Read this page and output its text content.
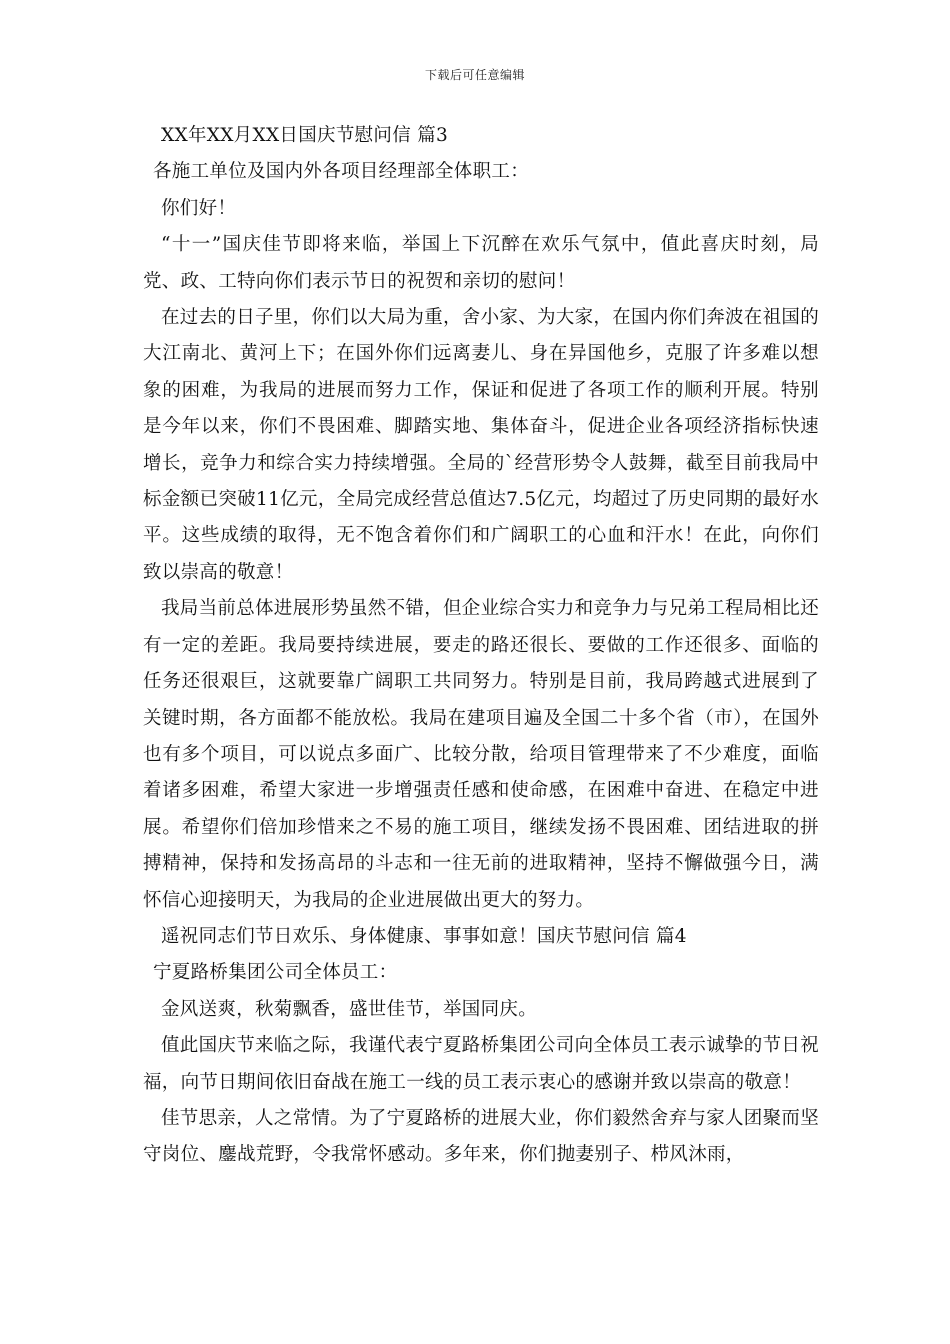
下载后可任意编辑

XX年XX月XX日国庆节慰问信 篇3

各施工单位及国内外各项目经理部全体职工：

你们好！

“十一”国庆佳节即将来临，举国上下沉醉在欢乐气氛中，值此喜庆时刻，局党、政、工特向你们表示节日的祝贺和亲切的慰问！

在过去的日子里，你们以大局为重，舍小家、为大家，在国内你们奔波在祖国的大江南北、黄河上下；在国外你们远离妻儿、身在异国他乡，克服了许多难以想象的困难，为我局的进展而努力工作，保证和促进了各项工作的顺利开展。特别是今年以来，你们不畏困难、脚踏实地、集体奋斗，促进企业各项经济指标快速增长，竞争力和综合实力持续增强。全局的`经营形势令人鼓舞，截至目前我局中标金额已突破11亿元，全局完成经营总值达7.5亿元，均超过了历史同期的最好水平。这些成绩的取得，无不饱含着你们和广阔职工的心血和汗水！在此，向你们致以崇高的敬意！

我局当前总体进展形势虽然不错，但企业综合实力和竞争力与兄弟工程局相比还有一定的差距。我局要持续进展，要走的路还很长、要做的工作还很多、面临的任务还很艰巨，这就要靠广阔职工共同努力。特别是目前，我局跨越式进展到了关键时期，各方面都不能放松。我局在建项目遍及全国二十多个省（市），在国外也有多个项目，可以说点多面广、比较分散，给项目管理带来了不少难度，面临着诸多困难，希望大家进一步增强责任感和使命感，在困难中奋进、在稳定中进展。希望你们倍加珍惜来之不易的施工项目，继续发扬不畏困难、团结进取的拼搏精神，保持和发扬高昂的斗志和一往无前的进取精神，坚持不懈做强今日，满怀信心迎接明天，为我局的企业进展做出更大的努力。

遥祝同志们节日欢乐、身体健康、事事如意！国庆节慰问信 篇4

宁夏路桥集团公司全体员工：

金风送爽，秋菊飘香，盛世佳节，举国同庆。

值此国庆节来临之际，我谨代表宁夏路桥集团公司向全体员工表示诚挚的节日祝福，向节日期间依旧奋战在施工一线的员工表示衷心的感谢并致以崇高的敬意！

佳节思亲，人之常情。为了宁夏路桥的进展大业，你们毅然舍弃与家人团聚而坚守岗位、鏖战荒野，令我常怀感动。多年来，你们抛妻别子、栉风沐雨，
